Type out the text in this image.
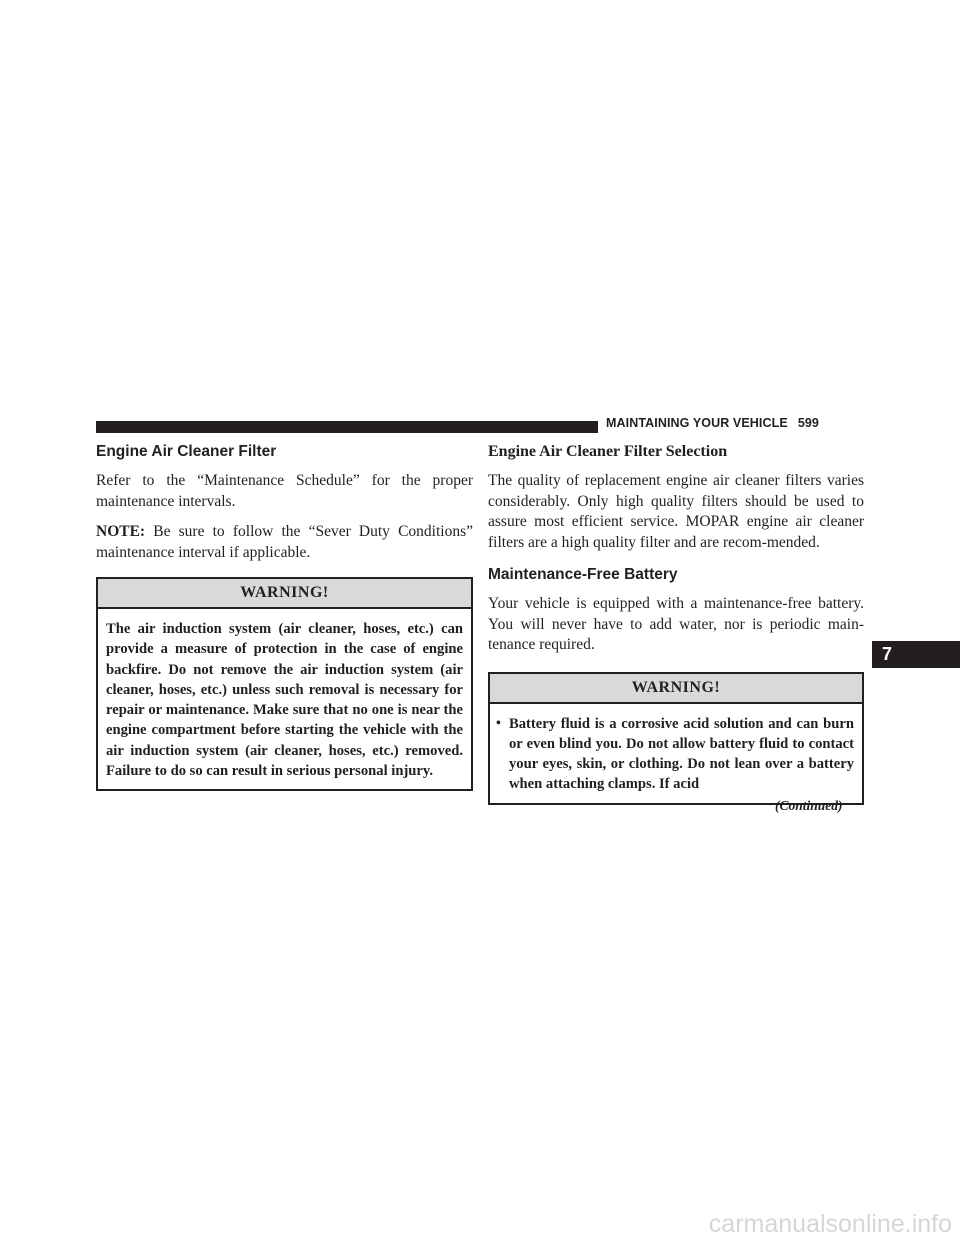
MAINTAINING YOUR VEHICLE 599
Engine Air Cleaner Filter

Refer to the “Maintenance Schedule” for the proper maintenance intervals.

NOTE: Be sure to follow the “Sever Duty Conditions” maintenance interval if applicable.

WARNING!
The air induction system (air cleaner, hoses, etc.) can provide a measure of protection in the case of engine backfire. Do not remove the air induction system (air cleaner, hoses, etc.) unless such removal is necessary for repair or maintenance. Make sure that no one is near the engine compartment before starting the vehicle with the air induction system (air cleaner, hoses, etc.) removed. Failure to do so can result in serious personal injury.
Engine Air Cleaner Filter Selection

The quality of replacement engine air cleaner filters varies considerably. Only high quality filters should be used to assure most efficient service. MOPAR engine air cleaner filters are a high quality filter and are recom-mended.

Maintenance-Free Battery

Your vehicle is equipped with a maintenance-free battery. You will never have to add water, nor is periodic main-tenance required.

WARNING!
• Battery fluid is a corrosive acid solution and can burn or even blind you. Do not allow battery fluid to contact your eyes, skin, or clothing. Do not lean over a battery when attaching clamps. If acid
(Continued)
7
carmanualsonline.info
